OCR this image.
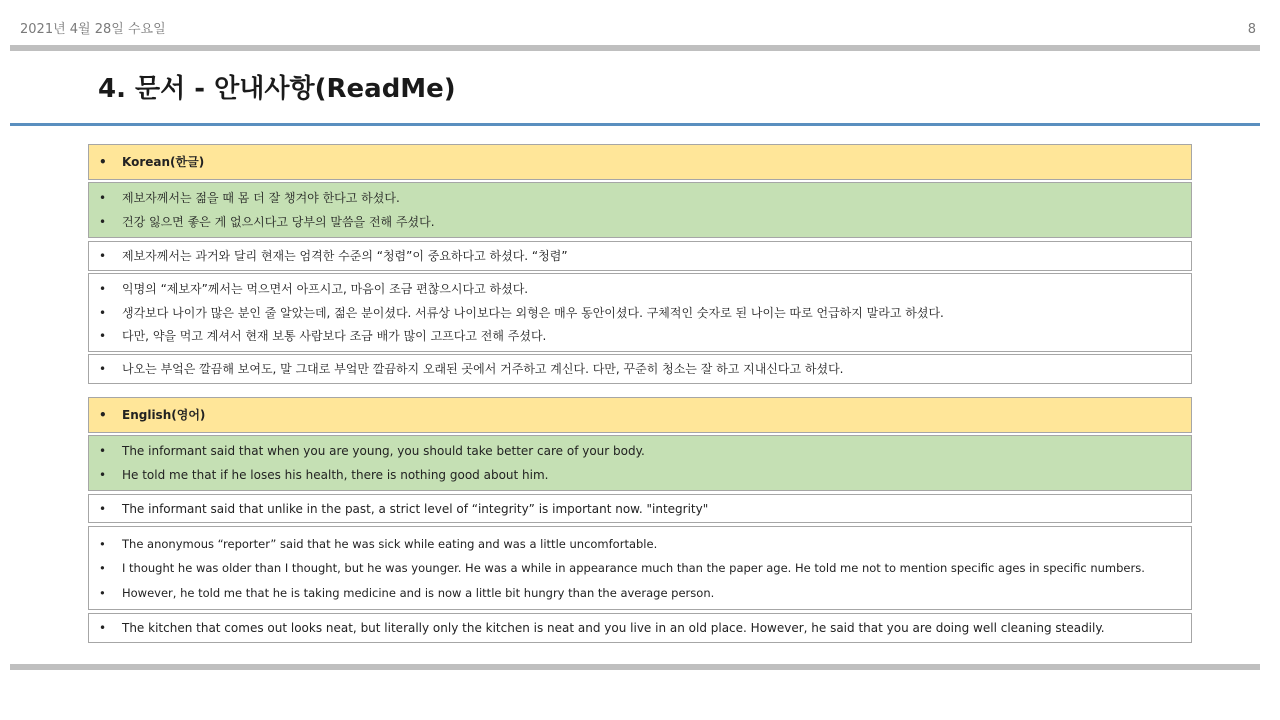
2021년 4월 28일 수요일	8
4. 문서 - 안내사항(ReadMe)
• Korean(한글)
• 제보자께서는 젊을 때 몸 더 잘 챙겨야 한다고 하셨다.
• 건강 잃으면 좋은 게 없으시다고 당부의 말씀을 전해 주셨다.
• 제보자께서는 과거와 달리 현재는 엄격한 수준의 “청렴”이 중요하다고 하셨다. “청렴”
• 익명의 “제보자”께서는 먹으면서 아프시고, 마음이 조금 편찮으시다고 하셨다.
• 생각보다 나이가 많은 분인 줄 알았는데, 젊은 분이셨다. 서류상 나이보다는 외형은 매우 동안이셨다. 구체적인 숫자로 된 나이는 따로 언급하지 말라고 하셨다.
• 다만, 약을 먹고 계셔서 현재 보통 사람보다 조금 배가 많이 고프다고 전해 주셨다.
• 나오는 부엌은 깔끔해 보여도, 말 그대로 부엌만 깔끔하지 오래된 곳에서 거주하고 계신다. 다만, 꾸준히 청소는 잘 하고 지내신다고 하셨다.
• English(영어)
• The informant said that when you are young, you should take better care of your body.
• He told me that if he loses his health, there is nothing good about him.
• The informant said that unlike in the past, a strict level of “integrity” is important now. "integrity"
• The anonymous “reporter” said that he was sick while eating and was a little uncomfortable.
• I thought he was older than I thought, but he was younger. He was a while in appearance much than the paper age. He told me not to mention specific ages in specific numbers.
• However, he told me that he is taking medicine and is now a little bit hungry than the average person.
• The kitchen that comes out looks neat, but literally only the kitchen is neat and you live in an old place. However, he said that you are doing well cleaning steadily.
